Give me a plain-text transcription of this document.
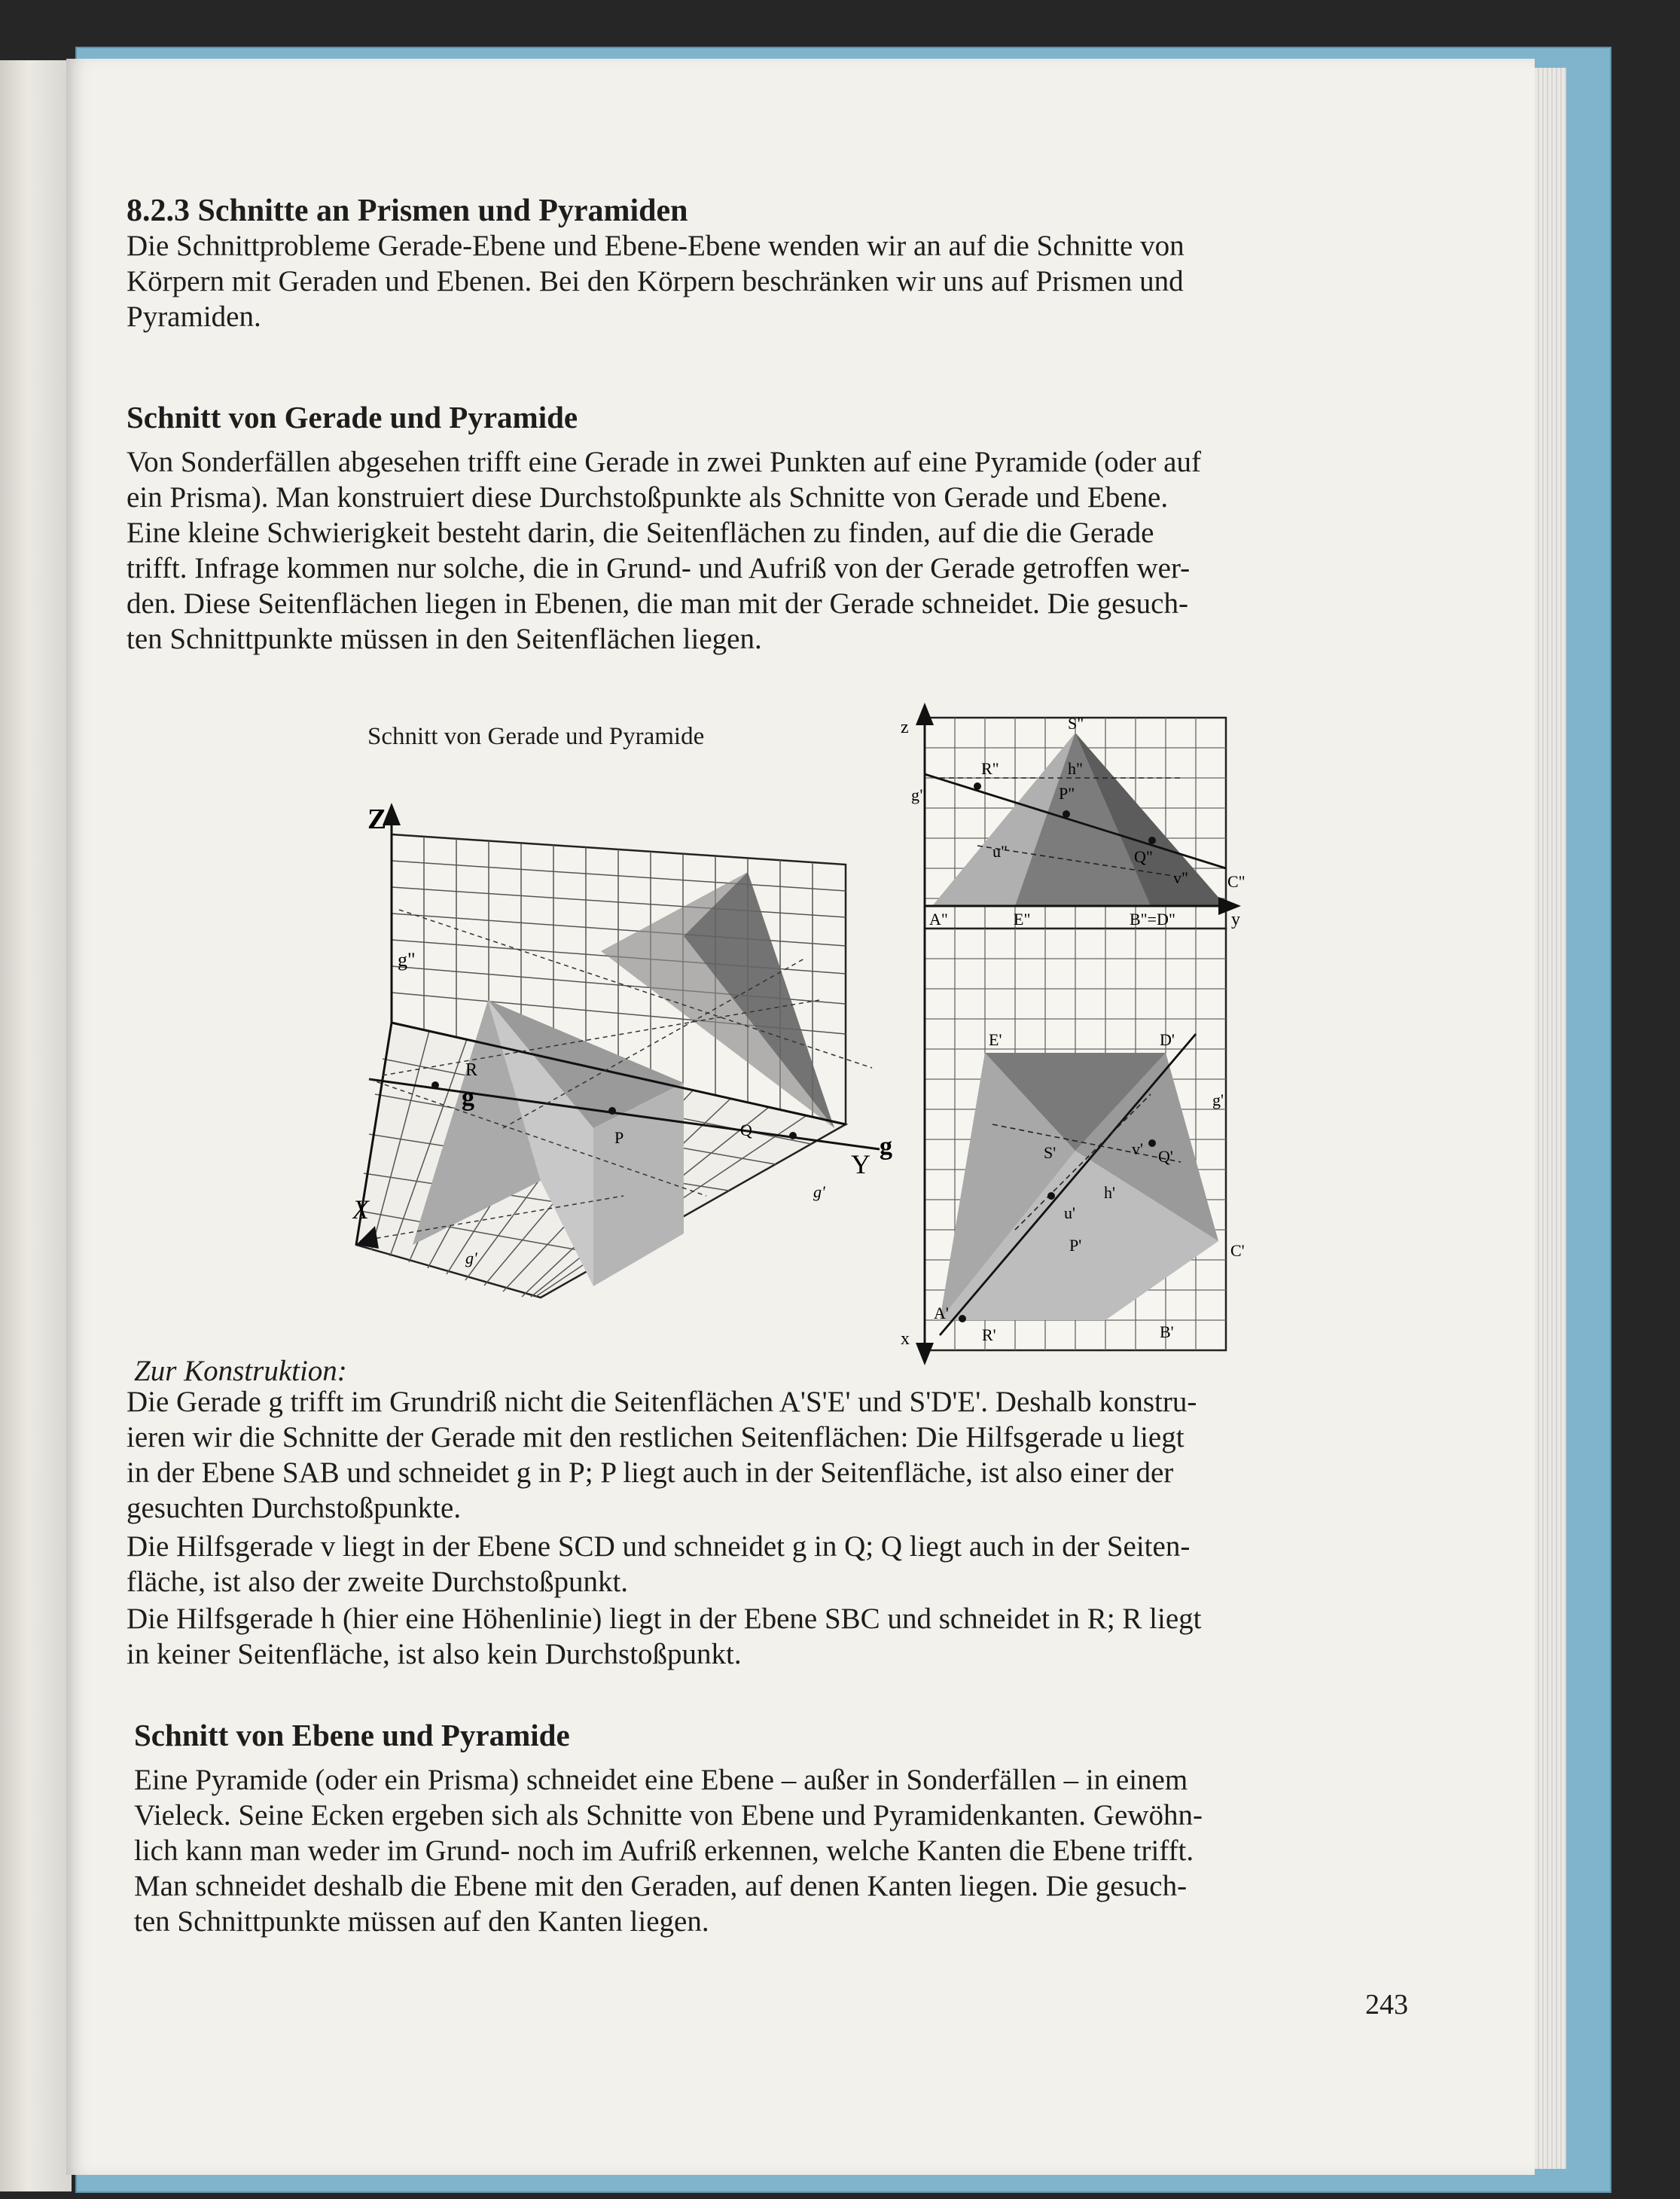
8.2.3 Schnitte an Prismen und Pyramiden

Die Schnittprobleme Gerade-Ebene und Ebene-Ebene wenden wir an auf die Schnitte von
Körpern mit Geraden und Ebenen. Bei den Körpern beschränken wir uns auf Prismen und
Pyramiden.

Schnitt von Gerade und Pyramide

Von Sonderfällen abgesehen trifft eine Gerade in zwei Punkten auf eine Pyramide (oder auf
ein Prisma). Man konstruiert diese Durchstoßpunkte als Schnitte von Gerade und Ebene.
Eine kleine Schwierigkeit besteht darin, die Seitenflächen zu finden, auf die die Gerade
trifft. Infrage kommen nur solche, die in Grund- und Aufriß von der Gerade getroffen wer-
den. Diese Seitenflächen liegen in Ebenen, die man mit der Gerade schneidet. Die gesuch-
ten Schnittpunkte müssen in den Seitenflächen liegen.

Schnitt von Gerade und Pyramide
Z
Y
X
g"
R
g
P	Q
g
g'
g'
z	S"
R"	h"
g"	P"
u"	Q"
v" C"
A"	E"	B"=D"	y
E'	D'
g'
S'	v' Q'
h'
u'
P'	C'
A'
x	R'	B'
Zur Konstruktion:

Die Gerade g trifft im Grundriß nicht die Seitenflächen A'S'E' und S'D'E'. Deshalb konstru-
ieren wir die Schnitte der Gerade mit den restlichen Seitenflächen: Die Hilfsgerade u liegt
in der Ebene SAB und schneidet g in P; P liegt auch in der Seitenfläche, ist also einer der
gesuchten Durchstoßpunkte.

Die Hilfsgerade v liegt in der Ebene SCD und schneidet g in Q; Q liegt auch in der Seiten-
fläche, ist also der zweite Durchstoßpunkt.

Die Hilfsgerade h (hier eine Höhenlinie) liegt in der Ebene SBC und schneidet in R; R liegt
in keiner Seitenfläche, ist also kein Durchstoßpunkt.

Schnitt von Ebene und Pyramide

Eine Pyramide (oder ein Prisma) schneidet eine Ebene – außer in Sonderfällen – in einem
Vieleck. Seine Ecken ergeben sich als Schnitte von Ebene und Pyramidenkanten. Gewöhn-
lich kann man weder im Grund- noch im Aufriß erkennen, welche Kanten die Ebene trifft.
Man schneidet deshalb die Ebene mit den Geraden, auf denen Kanten liegen. Die gesuch-
ten Schnittpunkte müssen auf den Kanten liegen.

243
